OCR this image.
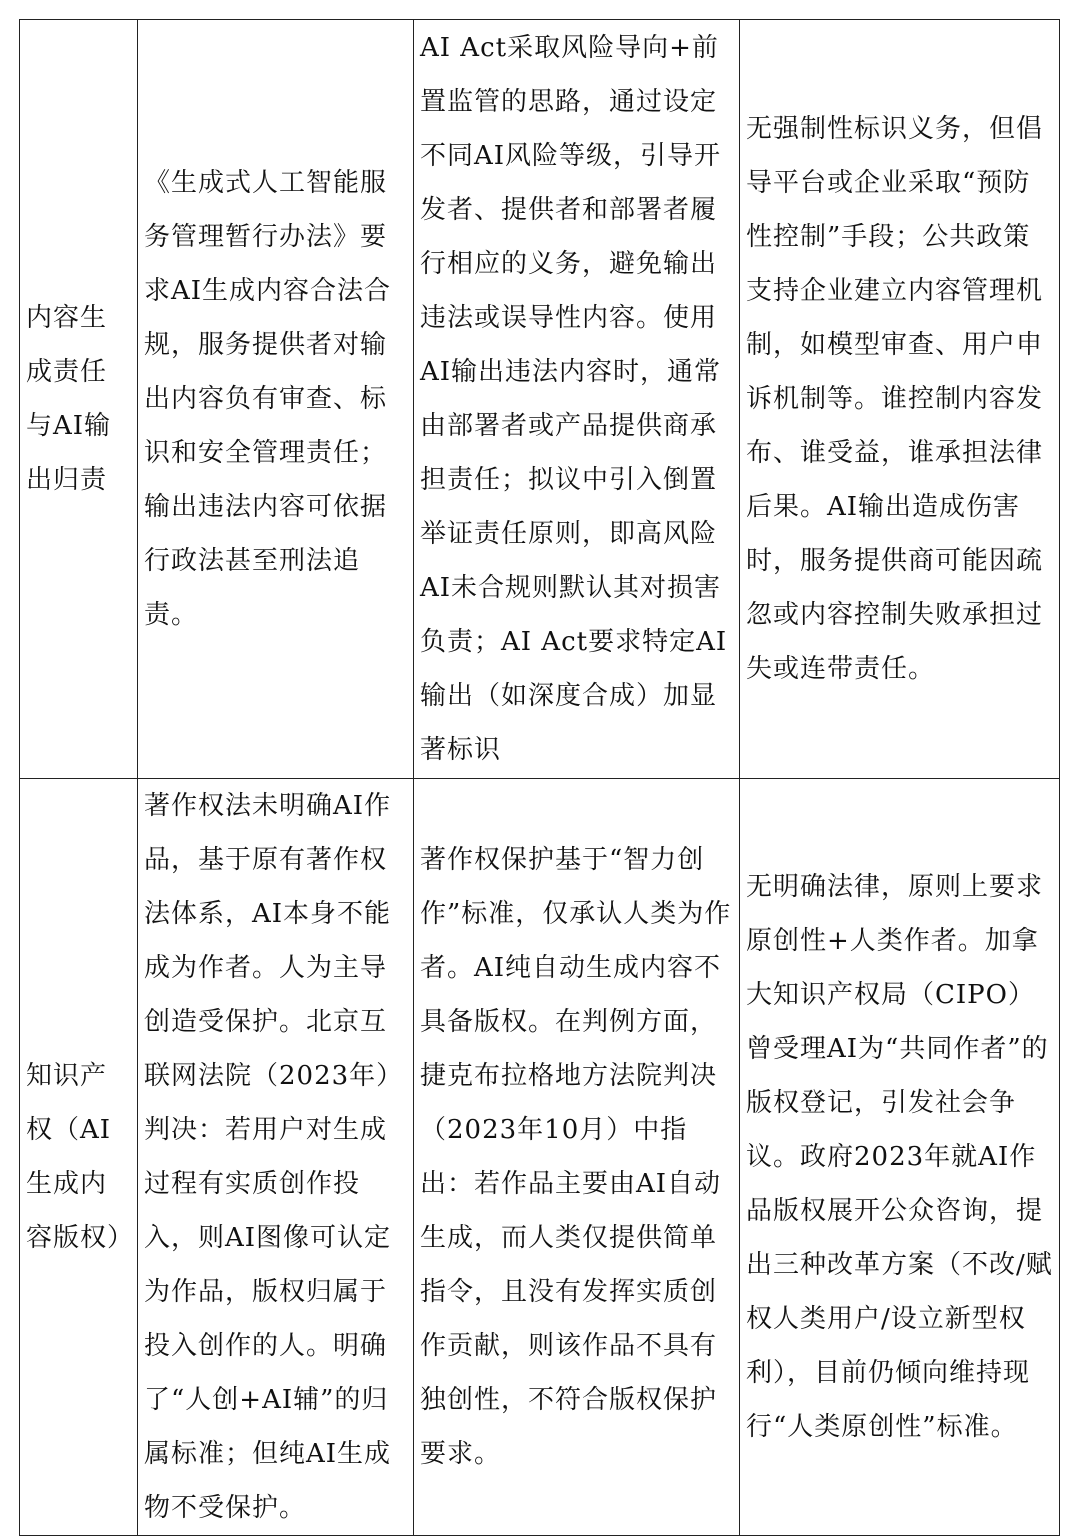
内容生成责任与AI输出归责	《生成式人工智能服务管理暂行办法》要求AI生成内容合法合规，服务提供者对输出内容负有审查、标识和安全管理责任；输出违法内容可依据行政法甚至刑法追责。	AI Act采取风险导向+前置监管的思路，通过设定不同AI风险等级，引导开发者、提供者和部署者履行相应的义务，避免输出违法或误导性内容。使用AI输出违法内容时，通常由部署者或产品提供商承担责任；拟议中引入倒置举证责任原则，即高风险AI未合规则默认其对损害负责；AI Act要求特定AI输出（如深度合成）加显著标识	无强制性标识义务，但倡导平台或企业采取“预防性控制”手段；公共政策支持企业建立内容管理机制，如模型审查、用户申诉机制等。谁控制内容发布、谁受益，谁承担法律后果。AI输出造成伤害时，服务提供商可能因疏忽或内容控制失败承担过失或连带责任。
知识产权（AI生成内容版权）	著作权法未明确AI作品，基于原有著作权法体系，AI本身不能成为作者。人为主导创造受保护。北京互联网法院（2023年）判决：若用户对生成过程有实质创作投入，则AI图像可认定为作品，版权归属于投入创作的人。明确了“人创+AI辅”的归属标准；但纯AI生成物不受保护。	著作权保护基于“智力创作”标准，仅承认人类为作者。AI纯自动生成内容不具备版权。在判例方面，捷克布拉格地方法院判决（2023年10月）中指出：若作品主要由AI自动生成，而人类仅提供简单指令，且没有发挥实质创作贡献，则该作品不具有独创性，不符合版权保护要求。	无明确法律，原则上要求原创性+人类作者。加拿大知识产权局（CIPO）曾受理AI为“共同作者”的版权登记，引发社会争议。政府2023年就AI作品版权展开公众咨询，提出三种改革方案（不改/赋权人类用户/设立新型权利），目前仍倾向维持现行“人类原创性”标准。
